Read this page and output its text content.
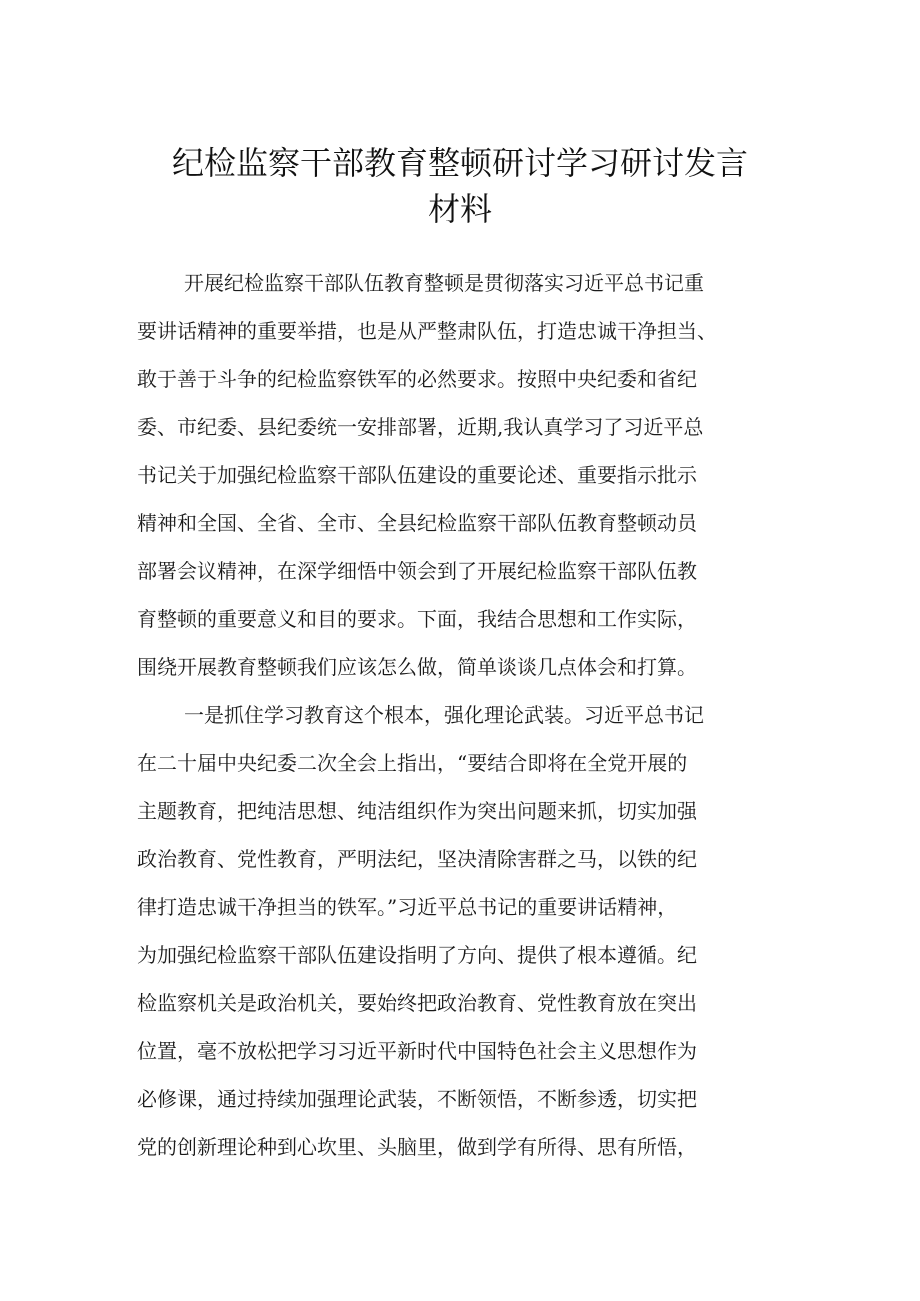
纪检监察干部教育整顿研讨学习研讨发言
材料
开展纪检监察干部队伍教育整顿是贯彻落实习近平总书记重
要讲话精神的重要举措，也是从严整肃队伍，打造忠诚干净担当、
敢于善于斗争的纪检监察铁军的必然要求。按照中央纪委和省纪
委、市纪委、县纪委统一安排部署，近期,我认真学习了习近平总
书记关于加强纪检监察干部队伍建设的重要论述、重要指示批示
精神和全国、全省、全市、全县纪检监察干部队伍教育整顿动员
部署会议精神，在深学细悟中领会到了开展纪检监察干部队伍教
育整顿的重要意义和目的要求。下面，我结合思想和工作实际，
围绕开展教育整顿我们应该怎么做，简单谈谈几点体会和打算。
一是抓住学习教育这个根本，强化理论武装。习近平总书记
在二十届中央纪委二次全会上指出，“要结合即将在全党开展的
主题教育，把纯洁思想、纯洁组织作为突出问题来抓，切实加强
政治教育、党性教育，严明法纪，坚决清除害群之马，以铁的纪
律打造忠诚干净担当的铁军。”习近平总书记的重要讲话精神，
为加强纪检监察干部队伍建设指明了方向、提供了根本遵循。纪
检监察机关是政治机关，要始终把政治教育、党性教育放在突出
位置，毫不放松把学习习近平新时代中国特色社会主义思想作为
必修课，通过持续加强理论武装，不断领悟，不断参透，切实把
党的创新理论种到心坎里、头脑里，做到学有所得、思有所悟，
